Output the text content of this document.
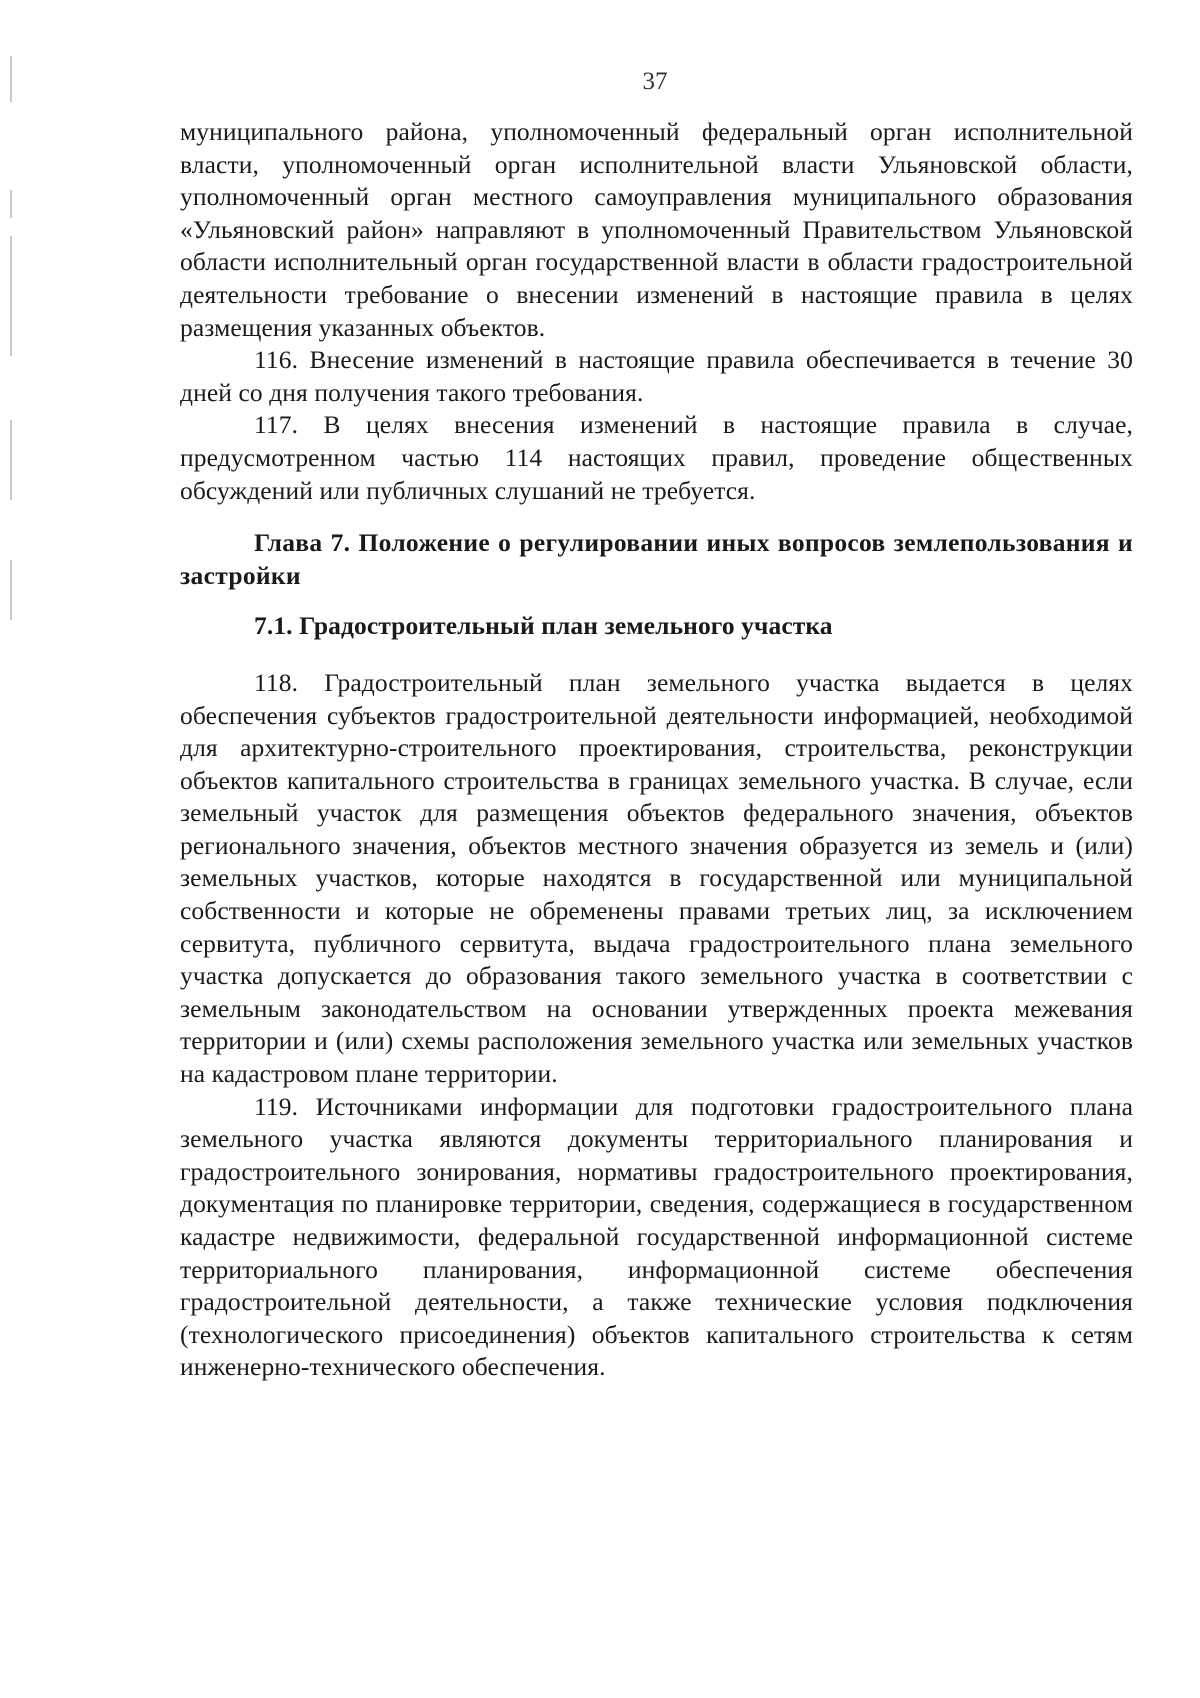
37

муниципального района, уполномоченный федеральный орган исполнительной власти, уполномоченный орган исполнительной власти Ульяновской области, уполномоченный орган местного самоуправления муниципального образования «Ульяновский район» направляют в уполномоченный Правительством Ульяновской области исполнительный орган государственной власти в области градостроительной деятельности требование о внесении изменений в настоящие правила в целях размещения указанных объектов.

116. Внесение изменений в настоящие правила обеспечивается в течение 30 дней со дня получения такого требования.

117. В целях внесения изменений в настоящие правила в случае, предусмотренном частью 114 настоящих правил, проведение общественных обсуждений или публичных слушаний не требуется.

Глава 7. Положение о регулировании иных вопросов землепользования и застройки

7.1. Градостроительный план земельного участка

118. Градостроительный план земельного участка выдается в целях обеспечения субъектов градостроительной деятельности информацией, необходимой для архитектурно-строительного проектирования, строительства, реконструкции объектов капитального строительства в границах земельного участка. В случае, если земельный участок для размещения объектов федерального значения, объектов регионального значения, объектов местного значения образуется из земель и (или) земельных участков, которые находятся в государственной или муниципальной собственности и которые не обременены правами третьих лиц, за исключением сервитута, публичного сервитута, выдача градостроительного плана земельного участка допускается до образования такого земельного участка в соответствии с земельным законодательством на основании утвержденных проекта межевания территории и (или) схемы расположения земельного участка или земельных участков на кадастровом плане территории.

119. Источниками информации для подготовки градостроительного плана земельного участка являются документы территориального планирования и градостроительного зонирования, нормативы градостроительного проектирования, документация по планировке территории, сведения, содержащиеся в государственном кадастре недвижимости, федеральной государственной информационной системе территориального планирования, информационной системе обеспечения градостроительной деятельности, а также технические условия подключения (технологического присоединения) объектов капитального строительства к сетям инженерно-технического обеспечения.
